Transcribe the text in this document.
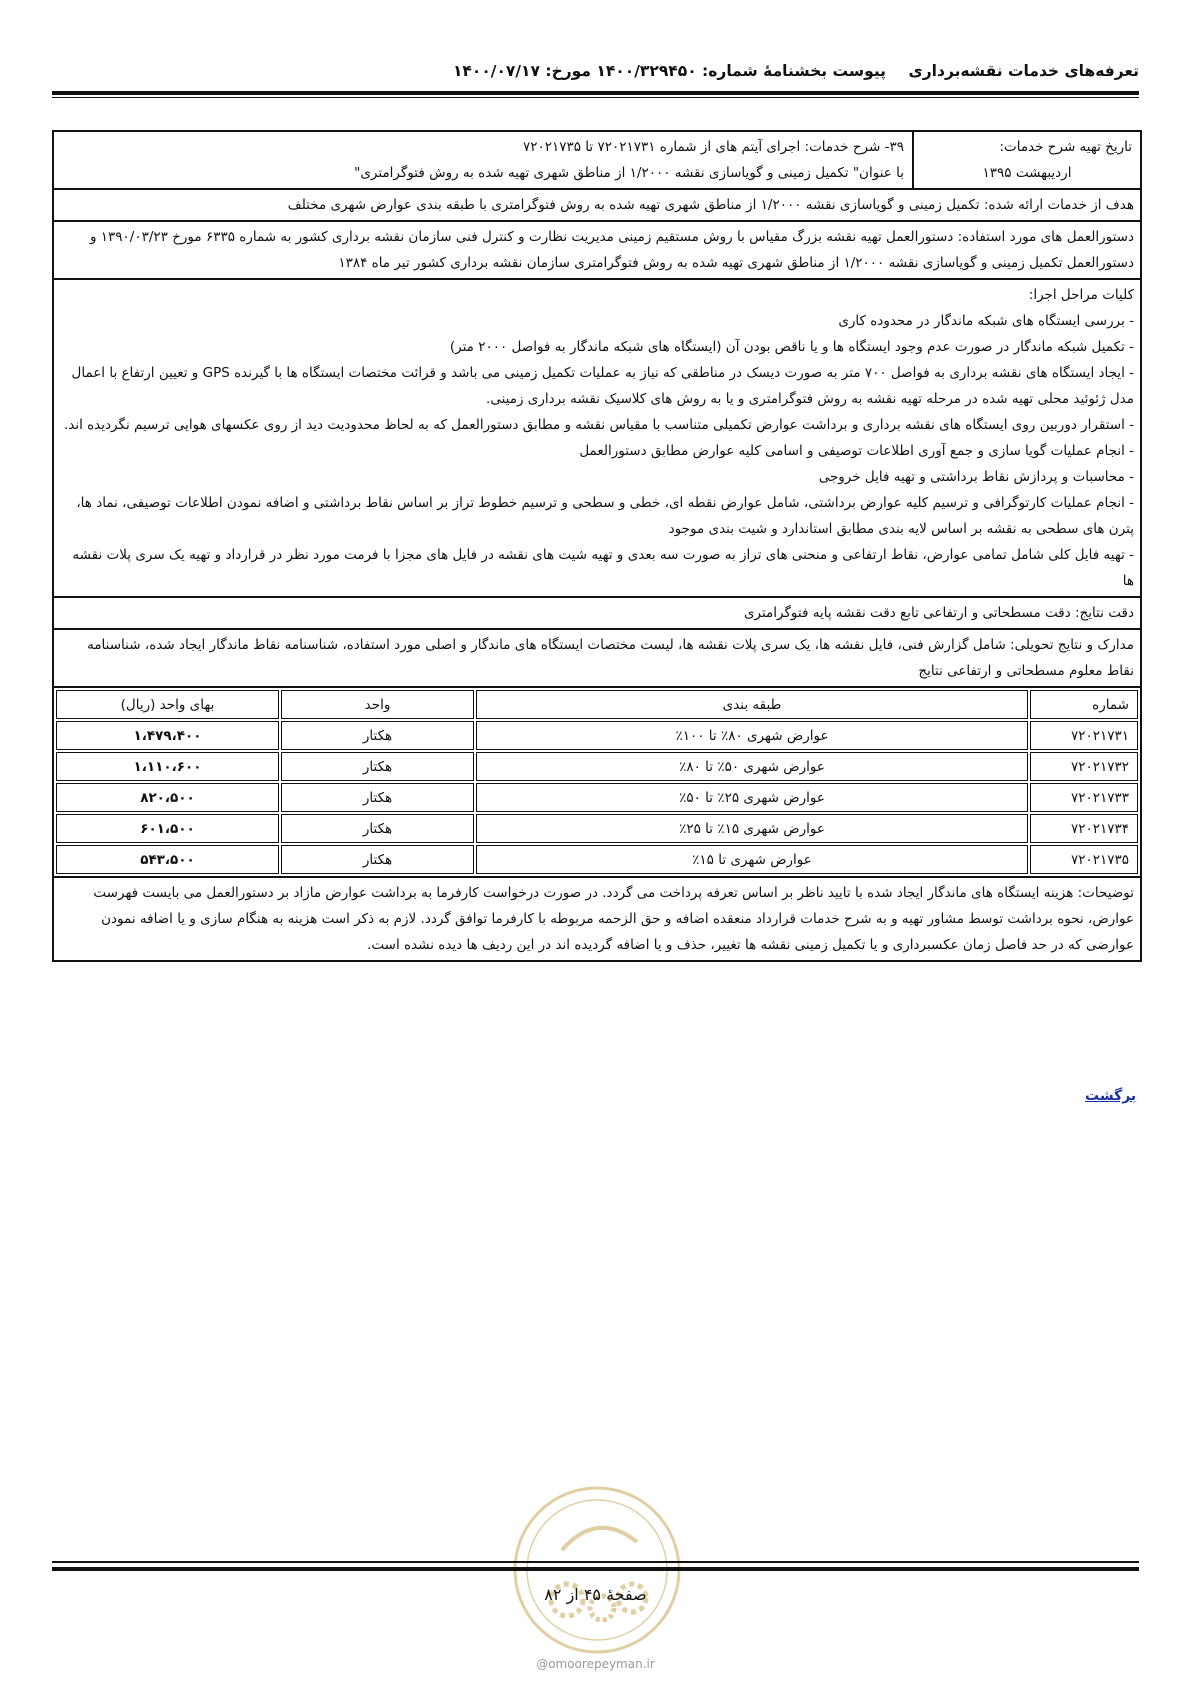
تعرفه‌های خدمات نقشه‌برداری
پیوست بخشنامهٔ شماره: ۱۴۰۰/۳۲۹۴۵۰ مورخ: ۱۴۰۰/۰۷/۱۷
تاریخ تهیه شرح خدمات:
اردیبهشت ۱۳۹۵
۳۹- شرح خدمات: اجرای آیتم های از شماره ۷۲۰۲۱۷۳۱ تا ۷۲۰۲۱۷۳۵
با عنوان" تکمیل زمینی و گویاسازی نقشه ۱/۲۰۰۰ از مناطق شهری تهیه شده به روش فتوگرامتری"
هدف از خدمات ارائه شده: تکمیل زمینی و گویاسازی نقشه ۱/۲۰۰۰ از مناطق شهری تهیه شده به روش فتوگرامتری با طبقه بندی عوارض شهری مختلف
دستورالعمل های مورد استفاده: دستورالعمل تهیه نقشه بزرگ مقیاس با روش مستقیم زمینی مدیریت نظارت و کنترل فنی سازمان نقشه برداری کشور به شماره ۶۳۳۵ مورخ ۱۳۹۰/۰۳/۲۳ و دستورالعمل تکمیل زمینی و گویاسازی نقشه ۱/۲۰۰۰ از مناطق شهری تهیه شده به روش فتوگرامتری سازمان نقشه برداری کشور تیر ماه ۱۳۸۴

کلیات مراحل اجرا:

- بررسی ایستگاه های شبکه ماندگار در محدوده کاری

- تکمیل شبکه ماندگار در صورت عدم وجود ایستگاه ها و یا ناقص بودن آن (ایستگاه های شبکه ماندگار به فواصل ۲۰۰۰ متر)

- ایجاد ایستگاه های نقشه برداری به فواصل ۷۰۰ متر به صورت دیسک در مناطقی که نیاز به عملیات تکمیل زمینی می باشد و قرائت مختصات ایستگاه ها با گیرنده GPS و تعیین ارتفاع با اعمال مدل ژئوئید محلی تهیه شده در مرحله تهیه نقشه به روش فتوگرامتری و یا به روش های کلاسیک نقشه برداری زمینی.

- استقرار دوربین روی ایستگاه های نقشه برداری و برداشت عوارض تکمیلی متناسب با مقیاس نقشه و مطابق دستورالعمل که به لحاظ محدودیت دید از روی عکسهای هوایی ترسیم نگردیده اند.

- انجام عملیات گویا سازی و جمع آوری اطلاعات توصیفی و اسامی کلیه عوارض مطابق دستورالعمل

- محاسبات و پردازش نقاط برداشتی و تهیه فایل خروجی

- انجام عملیات کارتوگرافی و ترسیم کلیه عوارض برداشتی، شامل عوارض نقطه ای، خطی و سطحی و ترسیم خطوط تراز بر اساس نقاط برداشتی و اضافه نمودن اطلاعات توصیفی، نماد ها، پترن های سطحی به نقشه بر اساس لایه بندی مطابق استاندارد و شیت بندی موجود

- تهیه فایل کلی شامل تمامی عوارض، نقاط ارتفاعی و منحنی های تراز به صورت سه بعدی و تهیه شیت های نقشه در فایل های مجزا با فرمت مورد نظر در قرارداد و تهیه یک سری پلات نقشه ها

دقت نتایج: دقت مسطحاتی و ارتفاعی تابع دقت نقشه پایه فتوگرامتری
مدارک و نتایج تحویلی: شامل گزارش فنی، فایل نقشه ها، یک سری پلات نقشه ها، لیست مختصات ایستگاه های ماندگار و اصلی مورد استفاده، شناسنامه نقاط ماندگار ایجاد شده، شناسنامه نقاط معلوم مسطحاتی و ارتفاعی نتایج
شماره	طبقه بندی	واحد	بهای واحد (ریال)
۷۲۰۲۱۷۳۱	عوارض شهری ۸۰٪ تا ۱۰۰٪	هکتار	۱،۴۷۹،۴۰۰
۷۲۰۲۱۷۳۲	عوارض شهری ۵۰٪ تا ۸۰٪	هکتار	۱،۱۱۰،۶۰۰
۷۲۰۲۱۷۳۳	عوارض شهری ۲۵٪ تا ۵۰٪	هکتار	۸۲۰،۵۰۰
۷۲۰۲۱۷۳۴	عوارض شهری ۱۵٪ تا ۲۵٪	هکتار	۶۰۱،۵۰۰
۷۲۰۲۱۷۳۵	عوارض شهری تا ۱۵٪	هکتار	۵۴۳،۵۰۰
توضیحات: هزینه ایستگاه های ماندگار ایجاد شده با تایید ناظر بر اساس تعرفه پرداخت می گردد. در صورت درخواست کارفرما به برداشت عوارض مازاد بر دستورالعمل می بایست فهرست عوارض، نحوه برداشت توسط مشاور تهیه و به شرح خدمات قرارداد منعقده اضافه و حق الزحمه مربوطه با کارفرما توافق گردد. لازم به ذکر است هزینه به هنگام سازی و یا اضافه نمودن عوارضی که در حد فاصل زمان عکسبرداری و یا تکمیل زمینی نقشه ها تغییر، حذف و یا اضافه گردیده اند در این ردیف ها دیده نشده است.
برگشت
صفحهٔ ۴۵ از ۸۲
@omoorepeyman.ir
